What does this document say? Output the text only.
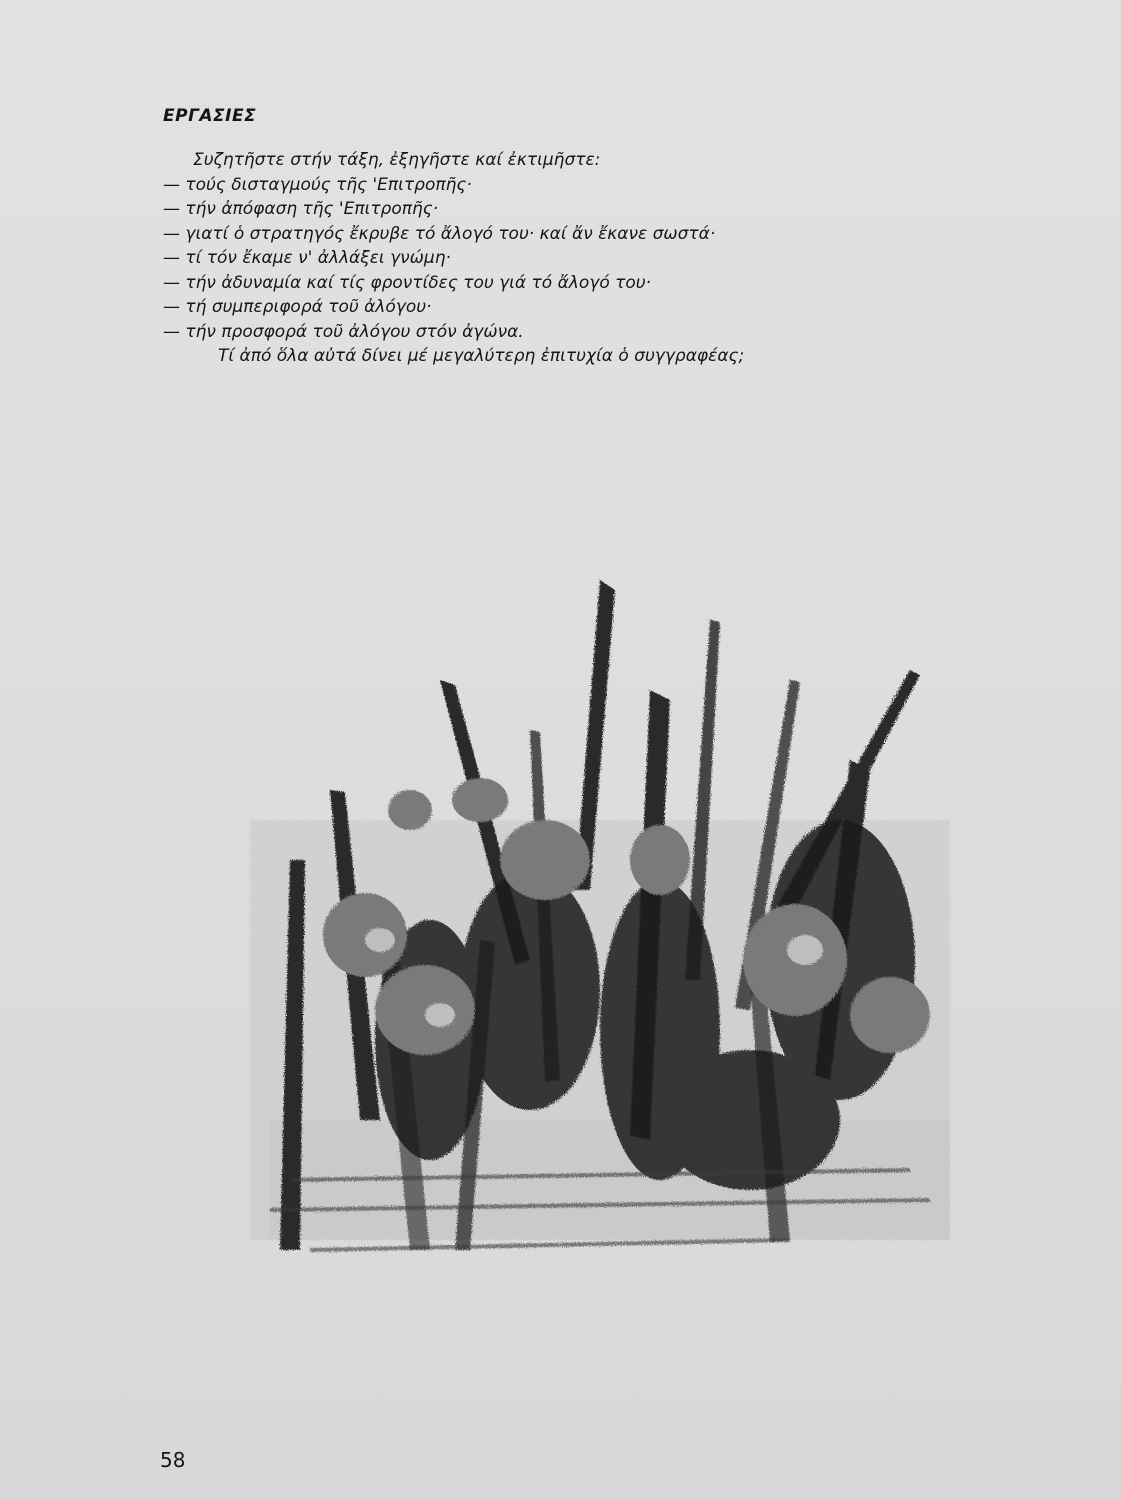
ΕΡΓΑΣΙΕΣ
Συζητῆστε στήν τάξη, ἐξηγῆστε καί ἐκτιμῆστε:
— τούς δισταγμούς τῆς 'Επιτροπῆς·
— τήν ἀπόφαση τῆς 'Επιτροπῆς·
— γιατί ὁ στρατηγός ἔκρυβε τό ἄλογό του· καί ἄν ἔκανε σωστά·
— τί τόν ἔκαμε ν' ἀλλάξει γνώμη·
— τήν ἀδυναμία καί τίς φροντίδες του γιά τό ἄλογό του·
— τή συμπεριφορά τοῦ ἀλόγου·
— τήν προσφορά τοῦ ἀλόγου στόν ἀγώνα.
Τί ἀπό ὅλα αὐτά δίνει μέ μεγαλύτερη ἐπιτυχία ὁ συγγραφέας;
58
